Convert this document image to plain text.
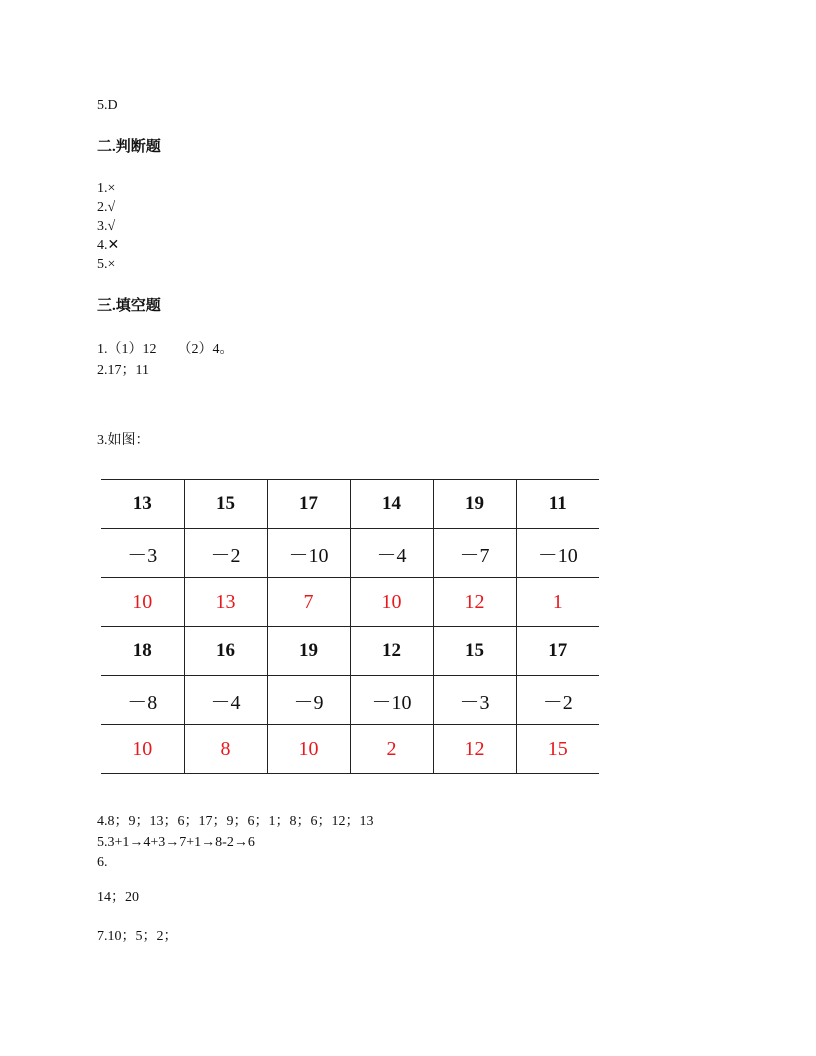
5.D
二.判断题
1.×
2.√
3.√
4.✕
5.×
三.填空题
1.（1）12　　（2）4。
2.17；11
3.如图：
13	15	17	14	19	11
－3	－2	－10	－4	－7	－10
10	13	7	10	12	1
18	16	19	12	15	17
－8	－4	－9	－10	－3	－2
10	8	10	2	12	15
4.8；9；13；6；17；9；6；1；8；6；12；13
5.3+1→4+3→7+1→8-2→6
6.
14；20
7.10；5；2；
